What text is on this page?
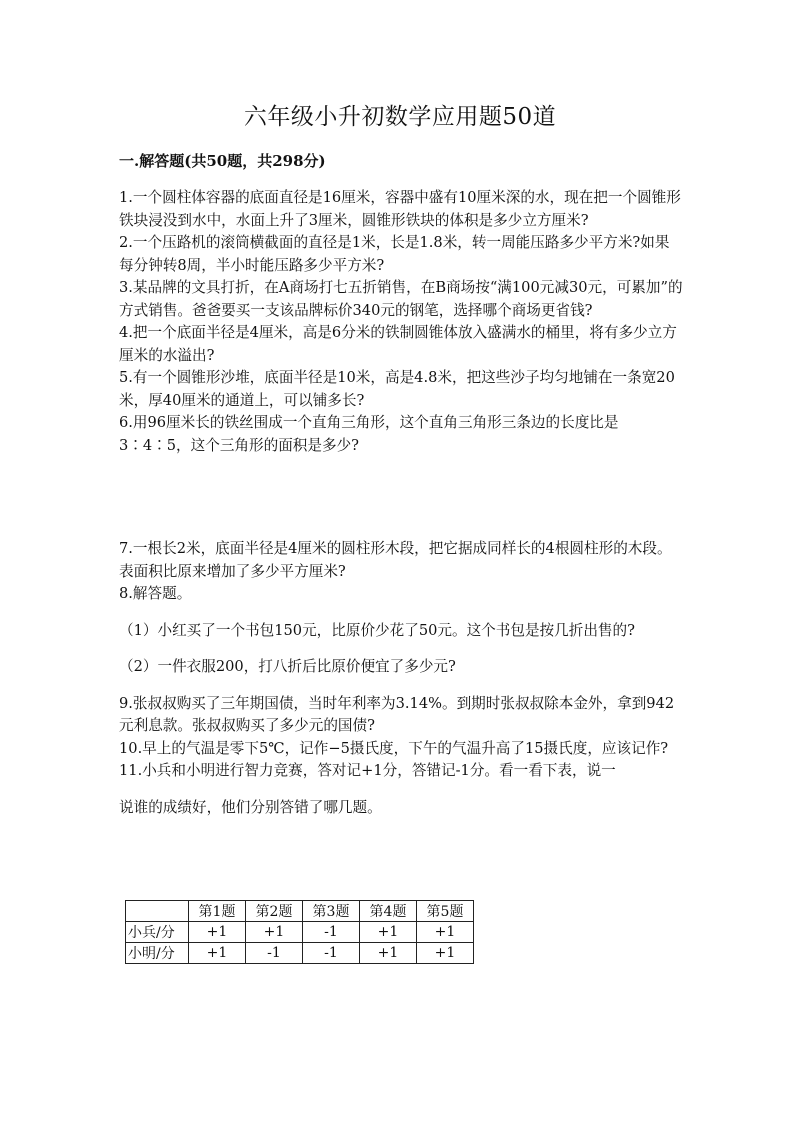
六年级小升初数学应用题50道
一.解答题(共50题，共298分)

1.一个圆柱体容器的底面直径是16厘米，容器中盛有10厘米深的水，现在把一个圆锥形铁块浸没到水中，水面上升了3厘米，圆锥形铁块的体积是多少立方厘米?

2.一个压路机的滚筒横截面的直径是1米，长是1.8米，转一周能压路多少平方米?如果每分钟转8周，半小时能压路多少平方米?

3.某品牌的文具打折，在A商场打七五折销售，在B商场按“满100元减30元，可累加”的方式销售。爸爸要买一支该品牌标价340元的钢笔，选择哪个商场更省钱?

4.把一个底面半径是4厘米，高是6分米的铁制圆锥体放入盛满水的桶里，将有多少立方厘米的水溢出?

5.有一个圆锥形沙堆，底面半径是10米，高是4.8米，把这些沙子均匀地铺在一条宽20米，厚40厘米的通道上，可以铺多长?

6.用96厘米长的铁丝围成一个直角三角形，这个直角三角形三条边的长度比是3∶4∶5，这个三角形的面积是多少?

7.一根长2米，底面半径是4厘米的圆柱形木段，把它据成同样长的4根圆柱形的木段。表面积比原来增加了多少平方厘米?

8.解答题。

（1）小红买了一个书包150元，比原价少花了50元。这个书包是按几折出售的?

（2）一件衣服200，打八折后比原价便宜了多少元?

9.张叔叔购买了三年期国债，当时年利率为3.14%。到期时张叔叔除本金外，拿到942元利息款。张叔叔购买了多少元的国债?

10.早上的气温是零下5℃，记作−5摄氏度，下午的气温升高了15摄氏度，应该记作?

11.小兵和小明进行智力竞赛，答对记+1分，答错记-1分。看一看下表，说一

说谁的成绩好，他们分别答错了哪几题。

	第1题	第2题	第3题	第4题	第5题
小兵/分	+1	+1	-1	+1	+1
小明/分	+1	-1	-1	+1	+1
